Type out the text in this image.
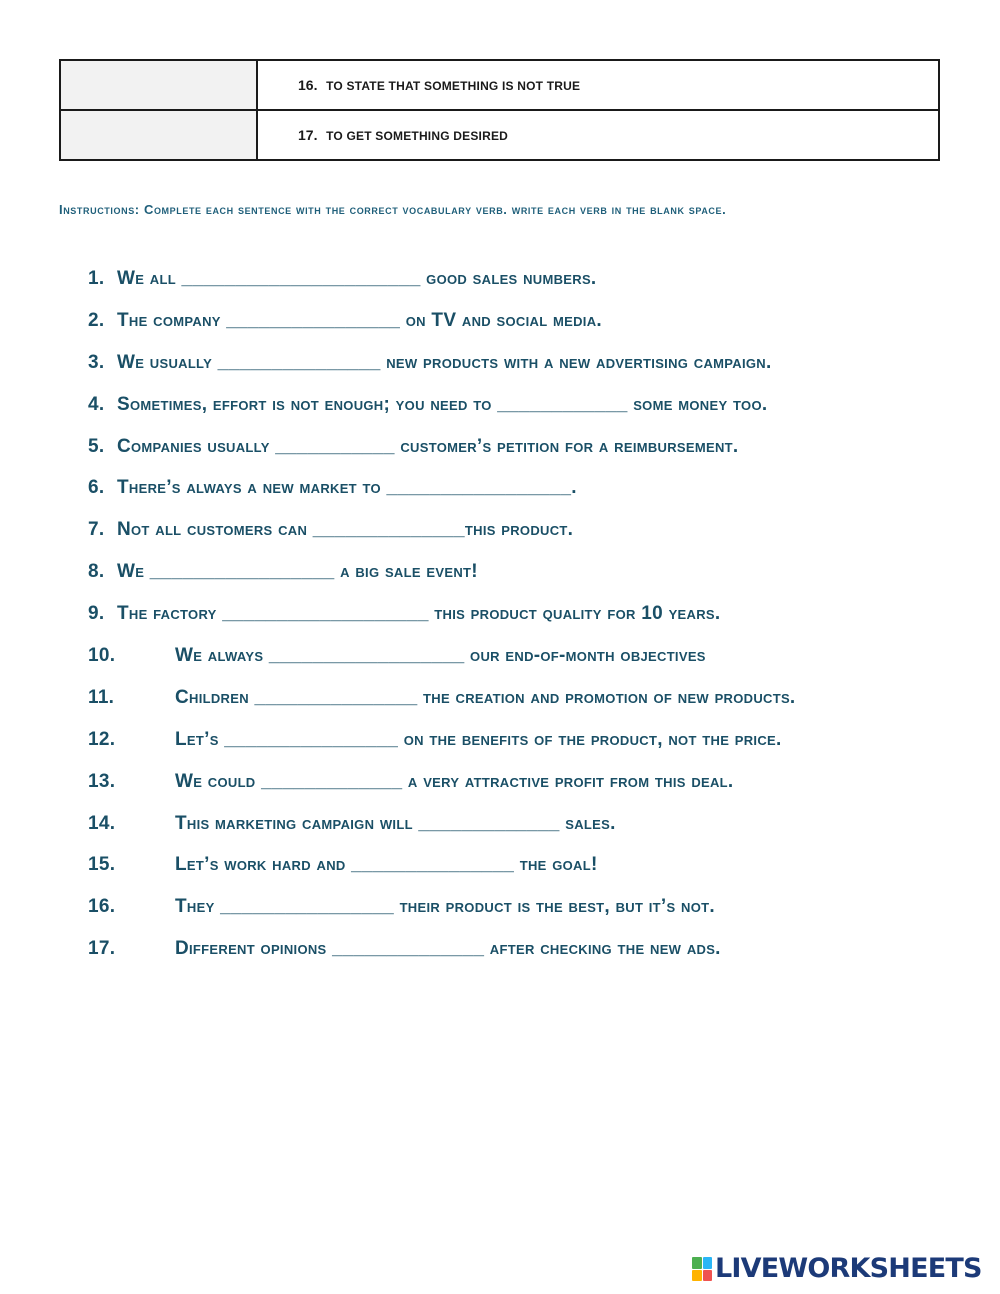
	16. TO STATE THAT SOMETHING IS NOT TRUE
	17. TO GET SOMETHING DESIRED

Instructions: Complete each sentence with the correct vocabulary verb. write each verb in the blank space.

1. We all ______________________ good sales numbers.
2. The company ________________ on TV and social media.
3. We usually _______________ new products with a new advertising campaign.
4. Sometimes, effort is not enough; you need to ____________ some money too.
5. Companies usually ___________ customer’s petition for a reimbursement.
6. There’s always a new market to _________________.
7. Not all customers can ______________this product.
8. We _________________ a big sale event!
9. The factory ___________________ this product quality for 10 years.
10.	We always __________________ our end-of-month objectives
11.	Children _______________ the creation and promotion of new products.
12.	Let’s ________________ on the benefits of the product, not the price.
13.	We could _____________ a very attractive profit from this deal.
14.	This marketing campaign will _____________ sales.
15.	Let’s work hard and _______________ the goal!
16.	They ________________ their product is the best, but it’s not.
17.	Different opinions ______________ after checking the new ads.
LIVEWORKSHEETS
